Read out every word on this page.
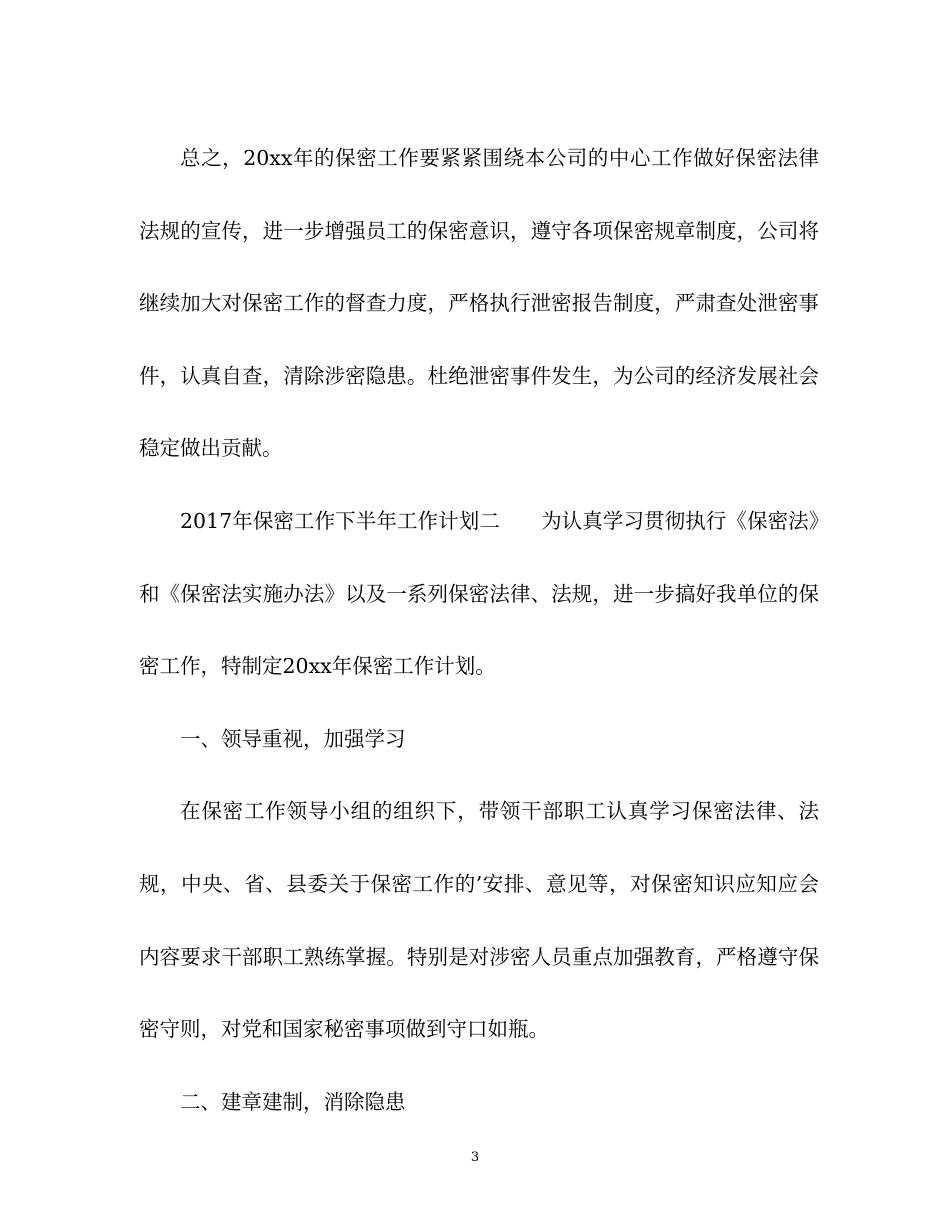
总之，20xx年的保密工作要紧紧围绕本公司的中心工作做好保密法律法规的宣传，进一步增强员工的保密意识，遵守各项保密规章制度，公司将继续加大对保密工作的督查力度，严格执行泄密报告制度，严肃查处泄密事件，认真自查，清除涉密隐患。杜绝泄密事件发生，为公司的经济发展社会稳定做出贡献。

2017年保密工作下半年工作计划二　　为认真学习贯彻执行《保密法》和《保密法实施办法》以及一系列保密法律、法规，进一步搞好我单位的保密工作，特制定20xx年保密工作计划。

一、领导重视，加强学习

在保密工作领导小组的组织下，带领干部职工认真学习保密法律、法规，中央、省、县委关于保密工作的’安排、意见等，对保密知识应知应会内容要求干部职工熟练掌握。特别是对涉密人员重点加强教育，严格遵守保密守则，对党和国家秘密事项做到守口如瓶。

二、建章建制，消除隐患

3
